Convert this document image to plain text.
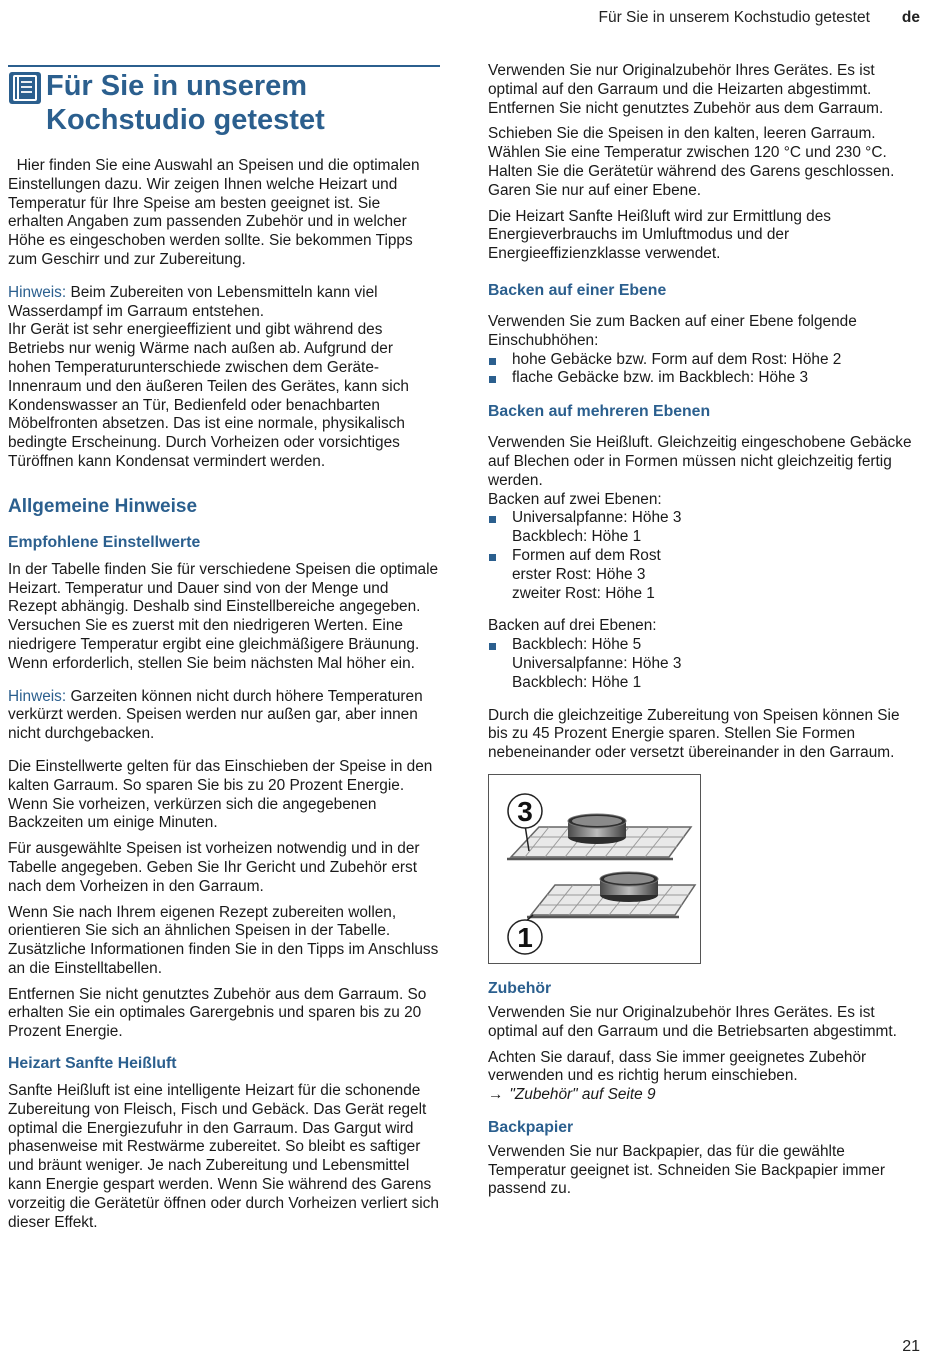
Für Sie in unserem Kochstudio getestet de
Für Sie in unserem
Kochstudio getestet

Hier finden Sie eine Auswahl an Speisen und die optimalen Einstellungen dazu. Wir zeigen Ihnen welche Heizart und Temperatur für Ihre Speise am besten geeignet ist. Sie erhalten Angaben zum passenden Zubehör und in welcher Höhe es eingeschoben werden sollte. Sie bekommen Tipps zum Geschirr und zur Zubereitung.

Hinweis: Beim Zubereiten von Lebensmitteln kann viel Wasserdampf im Garraum entstehen.

Ihr Gerät ist sehr energieeffizient und gibt während des Betriebs nur wenig Wärme nach außen ab. Aufgrund der hohen Temperaturunterschiede zwischen dem Geräte-Innenraum und den äußeren Teilen des Gerätes, kann sich Kondenswasser an Tür, Bedienfeld oder benachbarten Möbelfronten absetzen. Das ist eine normale, physikalisch bedingte Erscheinung. Durch Vorheizen oder vorsichtiges Türöffnen kann Kondensat vermindert werden.

Allgemeine Hinweise
Empfohlene Einstellwerte

In der Tabelle finden Sie für verschiedene Speisen die optimale Heizart. Temperatur und Dauer sind von der Menge und Rezept abhängig. Deshalb sind Einstellbereiche angegeben. Versuchen Sie es zuerst mit den niedrigeren Werten. Eine niedrigere Temperatur ergibt eine gleichmäßigere Bräunung. Wenn erforderlich, stellen Sie beim nächsten Mal höher ein.

Hinweis: Garzeiten können nicht durch höhere Temperaturen verkürzt werden. Speisen werden nur außen gar, aber innen nicht durchgebacken.

Die Einstellwerte gelten für das Einschieben der Speise in den kalten Garraum. So sparen Sie bis zu 20 Prozent Energie. Wenn Sie vorheizen, verkürzen sich die angegebenen Backzeiten um einige Minuten.

Für ausgewählte Speisen ist vorheizen notwendig und in der Tabelle angegeben. Geben Sie Ihr Gericht und Zubehör erst nach dem Vorheizen in den Garraum.

Wenn Sie nach Ihrem eigenen Rezept zubereiten wollen, orientieren Sie sich an ähnlichen Speisen in der Tabelle. Zusätzliche Informationen finden Sie in den Tipps im Anschluss an die Einstelltabellen.

Entfernen Sie nicht genutztes Zubehör aus dem Garraum. So erhalten Sie ein optimales Garergebnis und sparen bis zu 20 Prozent Energie.

Heizart Sanfte Heißluft

Sanfte Heißluft ist eine intelligente Heizart für die schonende Zubereitung von Fleisch, Fisch und Gebäck. Das Gerät regelt optimal die Energiezufuhr in den Garraum. Das Gargut wird phasenweise mit Restwärme zubereitet. So bleibt es saftiger und bräunt weniger. Je nach Zubereitung und Lebensmittel kann Energie gespart werden. Wenn Sie während des Garens vorzeitig die Gerätetür öffnen oder durch Vorheizen verliert sich dieser Effekt.

Verwenden Sie nur Originalzubehör Ihres Gerätes. Es ist optimal auf den Garraum und die Heizarten abgestimmt. Entfernen Sie nicht genutztes Zubehör aus dem Garraum.

Schieben Sie die Speisen in den kalten, leeren Garraum. Wählen Sie eine Temperatur zwischen 120 °C und 230 °C. Halten Sie die Gerätetür während des Garens geschlossen. Garen Sie nur auf einer Ebene.

Die Heizart Sanfte Heißluft wird zur Ermittlung des Energieverbrauchs im Umluftmodus und der Energieeffizienzklasse verwendet.

Backen auf einer Ebene

Verwenden Sie zum Backen auf einer Ebene folgende Einschubhöhen:

hohe Gebäcke bzw. Form auf dem Rost: Höhe 2
flache Gebäcke bzw. im Backblech: Höhe 3
Backen auf mehreren Ebenen

Verwenden Sie Heißluft. Gleichzeitig eingeschobene Gebäcke auf Blechen oder in Formen müssen nicht gleichzeitig fertig werden.

Backen auf zwei Ebenen:

Universalpfanne: Höhe 3
Backblech: Höhe 1
Formen auf dem Rost
erster Rost: Höhe 3
zweiter Rost: Höhe 1

Backen auf drei Ebenen:

Backblech: Höhe 5
Universalpfanne: Höhe 3
Backblech: Höhe 1

Durch die gleichzeitige Zubereitung von Speisen können Sie bis zu 45 Prozent Energie sparen. Stellen Sie Formen nebeneinander oder versetzt übereinander in den Garraum.

3
1
Zubehör

Verwenden Sie nur Originalzubehör Ihres Gerätes. Es ist optimal auf den Garraum und die Betriebsarten abgestimmt.

Achten Sie darauf, dass Sie immer geeignetes Zubehör verwenden und es richtig herum einschieben.
→ "Zubehör" auf Seite 9

Backpapier

Verwenden Sie nur Backpapier, das für die gewählte Temperatur geeignet ist. Schneiden Sie Backpapier immer passend zu.

21
